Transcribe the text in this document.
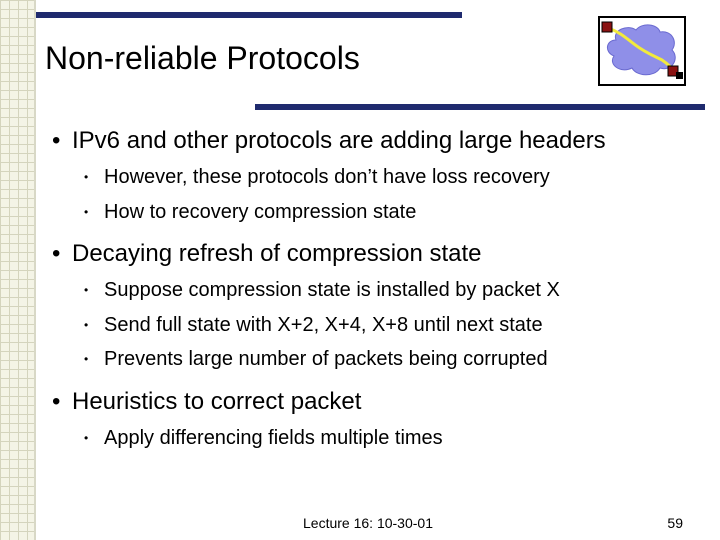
Non-reliable Protocols
• IPv6 and other protocols are adding large headers
• However, these protocols don’t have loss recovery
• How to recovery compression state
• Decaying refresh of compression state
• Suppose compression state is installed by packet X
• Send full state with X+2, X+4, X+8 until next state
• Prevents large number of packets being corrupted
• Heuristics to correct packet
• Apply differencing fields multiple times
Lecture 16: 10-30-01	59
